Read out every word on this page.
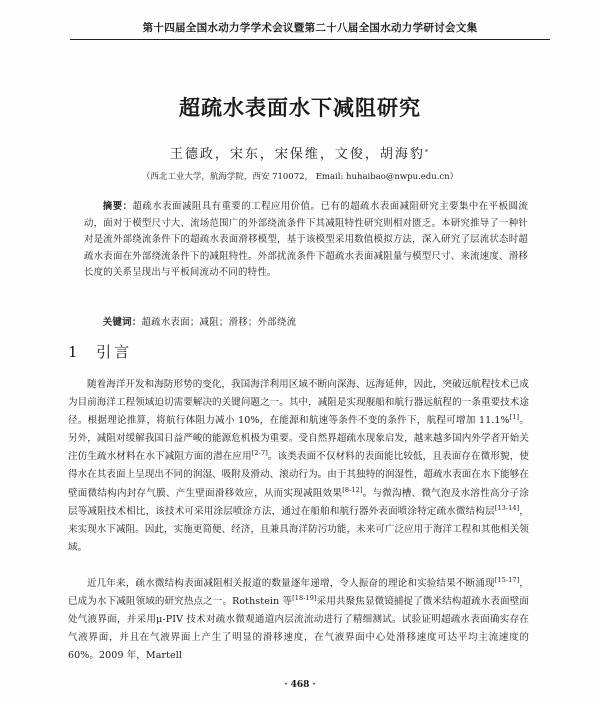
第十四届全国水动力学学术会议暨第二十八届全国水动力学研讨会文集
超疏水表面水下减阻研究
王德政，宋东，宋保维，文俊，胡海豹*
（西北工业大学，航海学院，西安 710072， Email: huhaibao@nwpu.edu.cn）
摘要：超疏水表面减阻具有重要的工程应用价值。已有的超疏水表面减阻研究主要集中在平板圆流动，面对于模型尺寸大、流场范围广的外部绕流条件下其减阻特性研究则相对匮乏。本研究推导了一种针对是流外部绕流条件下的超疏水表面滑移模型，基于该模型采用数值模拟方法，深入研究了层流状态时超疏水表面在外部绕流条件下的减阻特性。外部扰流条件下超疏水表面减阻量与模型尺寸、来流速度、滑移长度的关系呈现出与平板间流动不同的特性。
关键词：超疏水表面；减阻；滑移；外部绕流
1 引言
随着海洋开发和海防形势的变化，我国海洋利用区域不断向深海、远海延伸，因此，突破远航程技术已成为目前海洋工程领域迫切需要解决的关键问题之一。其中，减阻是实现舰船和航行器远航程的一条重要技术途径。根据理论推算，将航行体阻力减小 10%，在能源和航速等条件不变的条件下，航程可增加 11.1%[1]。另外，减阻对缓解我国日益严峻的能源危机极为重要。受自然界超疏水现象启发，越来越多国内外学者开始关注仿生疏水材料在水下减阻方面的潜在应用[2-7]。该类表面不仅材料的表面能比较低，且表面存在微形貌，使得水在其表面上呈现出不同的润湿、吸附及滑动、滚动行为。由于其独特的润湿性，超疏水表面在水下能够在壁面微结构内封存气膜、产生壁面滑移效应，从而实现减阻效果[8-12]。与微沟槽、微气泡及水溶性高分子涂层等减阻技术相比，该技术可采用涂层喷涂方法，通过在船舶和航行器外表面喷涂特定疏水微结构层[13-14]，来实现水下减阻。因此，实施更简便、经济，且兼具海洋防污功能，未来可广泛应用于海洋工程和其他相关领域。
近几年来，疏水微结构表面减阻相关报道的数量逐年递增，令人振奋的理论和实验结果不断涌现[15-17]，已成为水下减阻领域的研究热点之一。Rothstein 等[18-19]采用共聚焦显微镜捕捉了微米结构超疏水表面壁面处气液界面，并采用μ-PIV 技术对疏水微观通道内层流流动进行了精细测试。试验证明超疏水表面确实存在气液界面，并且在气液界面上产生了明显的滑移速度，在气液界面中心处滑移速度可达平均主流速度的 60%。2009 年，Martell
· 468 ·
